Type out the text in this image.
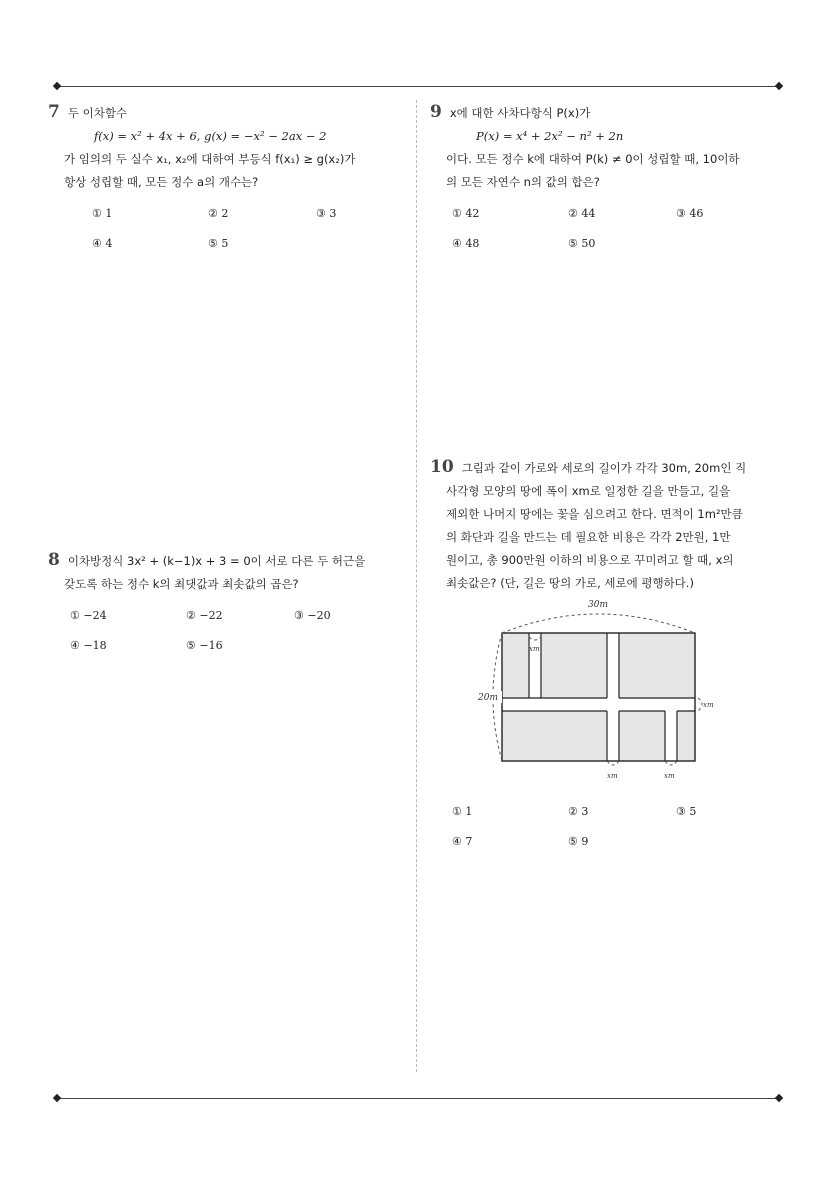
7 두 이차함수
f(x) = x² + 4x + 6, g(x) = −x² − 2ax − 2
가 임의의 두 실수 x₁, x₂에 대하여 부등식 f(x₁) ≥ g(x₂)가
항상 성립할 때, 모든 정수 a의 개수는?
① 1	② 2	③ 3
④ 4	⑤ 5
8 이차방정식 3x² + (k−1)x + 3 = 0이 서로 다른 두 허근을
갖도록 하는 정수 k의 최댓값과 최솟값의 곱은?
① −24	② −22	③ −20
④ −18	⑤ −16
9 x에 대한 사차다항식 P(x)가
P(x) = x⁴ + 2x² − n² + 2n
이다. 모든 정수 k에 대하여 P(k) ≠ 0이 성립할 때, 10이하
의 모든 자연수 n의 값의 합은?
① 42	② 44	③ 46
④ 48	⑤ 50
10 그림과 같이 가로와 세로의 길이가 각각 30m, 20m인 직
사각형 모양의 땅에 폭이 xm로 일정한 길을 만들고, 길을
제외한 나머지 땅에는 꽃을 심으려고 한다. 면적이 1m²만큼
의 화단과 길을 만드는 데 필요한 비용은 각각 2만원, 1만
원이고, 총 900만원 이하의 비용으로 꾸미려고 할 때, x의
최솟값은? (단, 길은 땅의 가로, 세로에 평행하다.)
30m
20m
xm
xm
xm	xm
① 1	② 3	③ 5
④ 7	⑤ 9
